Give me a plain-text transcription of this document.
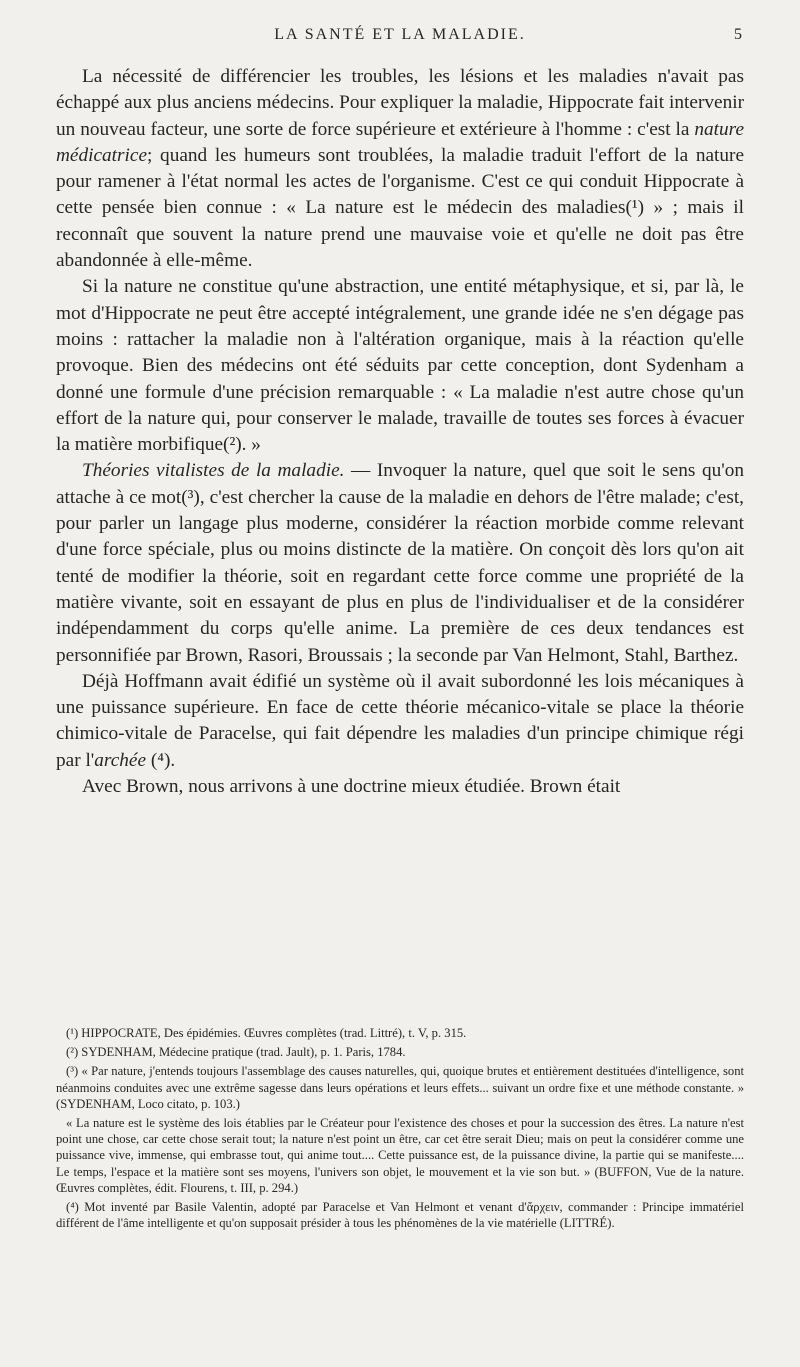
LA SANTÉ ET LA MALADIE.	5

La nécessité de différencier les troubles, les lésions et les maladies n'avait pas échappé aux plus anciens médecins. Pour expliquer la maladie, Hippocrate fait intervenir un nouveau facteur, une sorte de force supérieure et extérieure à l'homme : c'est la nature médicatrice; quand les humeurs sont troublées, la maladie traduit l'effort de la nature pour ramener à l'état normal les actes de l'organisme. C'est ce qui conduit Hippocrate à cette pensée bien connue : « La nature est le médecin des maladies(¹) » ; mais il reconnaît que souvent la nature prend une mauvaise voie et qu'elle ne doit pas être abandonnée à elle-même.

Si la nature ne constitue qu'une abstraction, une entité métaphysique, et si, par là, le mot d'Hippocrate ne peut être accepté intégralement, une grande idée ne s'en dégage pas moins : rattacher la maladie non à l'altération organique, mais à la réaction qu'elle provoque. Bien des médecins ont été séduits par cette conception, dont Sydenham a donné une formule d'une précision remarquable : « La maladie n'est autre chose qu'un effort de la nature qui, pour conserver le malade, travaille de toutes ses forces à évacuer la matière morbifique(²). »

Théories vitalistes de la maladie. — Invoquer la nature, quel que soit le sens qu'on attache à ce mot(³), c'est chercher la cause de la maladie en dehors de l'être malade; c'est, pour parler un langage plus moderne, considérer la réaction morbide comme relevant d'une force spéciale, plus ou moins distincte de la matière. On conçoit dès lors qu'on ait tenté de modifier la théorie, soit en regardant cette force comme une propriété de la matière vivante, soit en essayant de plus en plus de l'individualiser et de la considérer indépendamment du corps qu'elle anime. La première de ces deux tendances est personnifiée par Brown, Rasori, Broussais ; la seconde par Van Helmont, Stahl, Barthez.

Déjà Hoffmann avait édifié un système où il avait subordonné les lois mécaniques à une puissance supérieure. En face de cette théorie mécanico-vitale se place la théorie chimico-vitale de Paracelse, qui fait dépendre les maladies d'un principe chimique régi par l'archée (⁴).

Avec Brown, nous arrivons à une doctrine mieux étudiée. Brown était

(¹) HIPPOCRATE, Des épidémies. Œuvres complètes (trad. Littré), t. V, p. 315.

(²) SYDENHAM, Médecine pratique (trad. Jault), p. 1. Paris, 1784.

(³) « Par nature, j'entends toujours l'assemblage des causes naturelles, qui, quoique brutes et entièrement destituées d'intelligence, sont néanmoins conduites avec une extrême sagesse dans leurs opérations et leurs effets... suivant un ordre fixe et une méthode constante. » (SYDENHAM, Loco citato, p. 103.)

« La nature est le système des lois établies par le Créateur pour l'existence des choses et pour la succession des êtres. La nature n'est point une chose, car cette chose serait tout; la nature n'est point un être, car cet être serait Dieu; mais on peut la considérer comme une puissance vive, immense, qui embrasse tout, qui anime tout.... Cette puissance est, de la puissance divine, la partie qui se manifeste.... Le temps, l'espace et la matière sont ses moyens, l'univers son objet, le mouvement et la vie son but. » (BUFFON, Vue de la nature. Œuvres complètes, édit. Flourens, t. III, p. 294.)

(⁴) Mot inventé par Basile Valentin, adopté par Paracelse et Van Helmont et venant d'ἄρχειν, commander : Principe immatériel différent de l'âme intelligente et qu'on supposait présider à tous les phénomènes de la vie matérielle (LITTRÉ).
